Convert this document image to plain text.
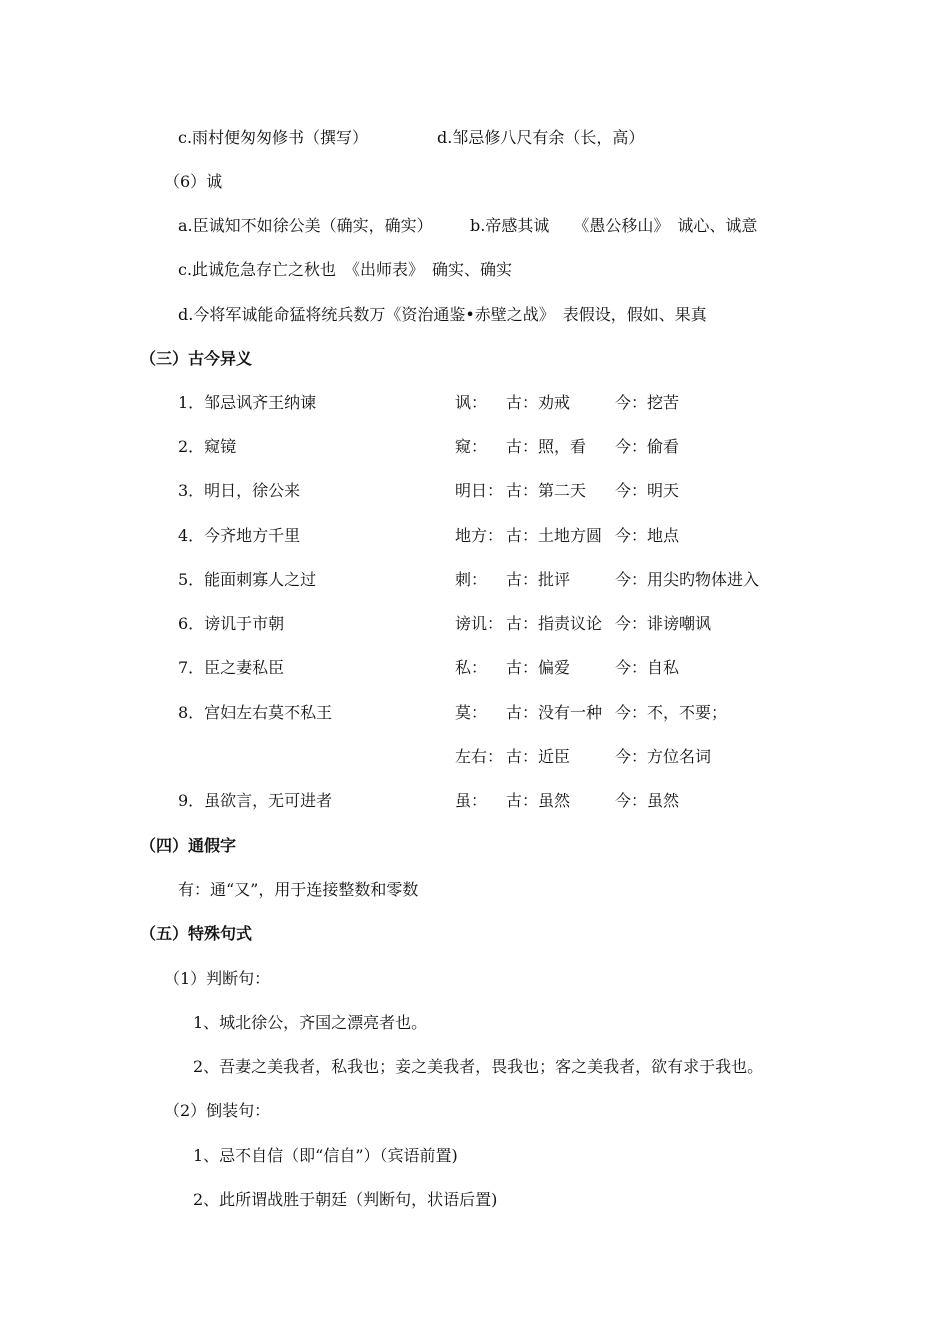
c.雨村便匆匆修书（撰写）	d.邹忌修八尺有余（长，高）
（6）诚
a.臣诚知不如徐公美（确实，确实） b.帝感其诚　　《愚公移山》　诚心、诚意
c.此诚危急存亡之秋也　《出师表》　确实、确实
d.今将军诚能命猛将统兵数万《资治通鉴•赤壁之战》　表假设，假如、果真
（三）古今异义
1．邹忌讽齐王纳谏	讽： 古：劝戒	今：挖苦
2．窥镜	窥： 古：照，看 今：偷看
3．明日，徐公来	明日： 古：第二天 今：明天
4．今齐地方千里	地方： 古：土地方圆 今：地点
5．能面刺寡人之过	刺： 古：批评	今：用尖旳物体进入
6．谤讥于市朝	谤讥： 古：指责议论 今：诽谤嘲讽
7．臣之妻私臣	私： 古：偏爱	今：自私
8．宫妇左右莫不私王	莫： 古：没有一种 今：不，不要；
左右： 古：近臣	今：方位名词
9．虽欲言，无可进者	虽： 古：虽然	今：虽然
（四）通假字
有：通“又”，用于连接整数和零数
（五）特殊句式
（1）判断句：
1、城北徐公，齐国之漂亮者也。
2、吾妻之美我者，私我也；妾之美我者，畏我也；客之美我者，欲有求于我也。
（2）倒装句：
1、忌不自信（即“信自”）（宾语前置)
2、此所谓战胜于朝廷（判断句，状语后置)
